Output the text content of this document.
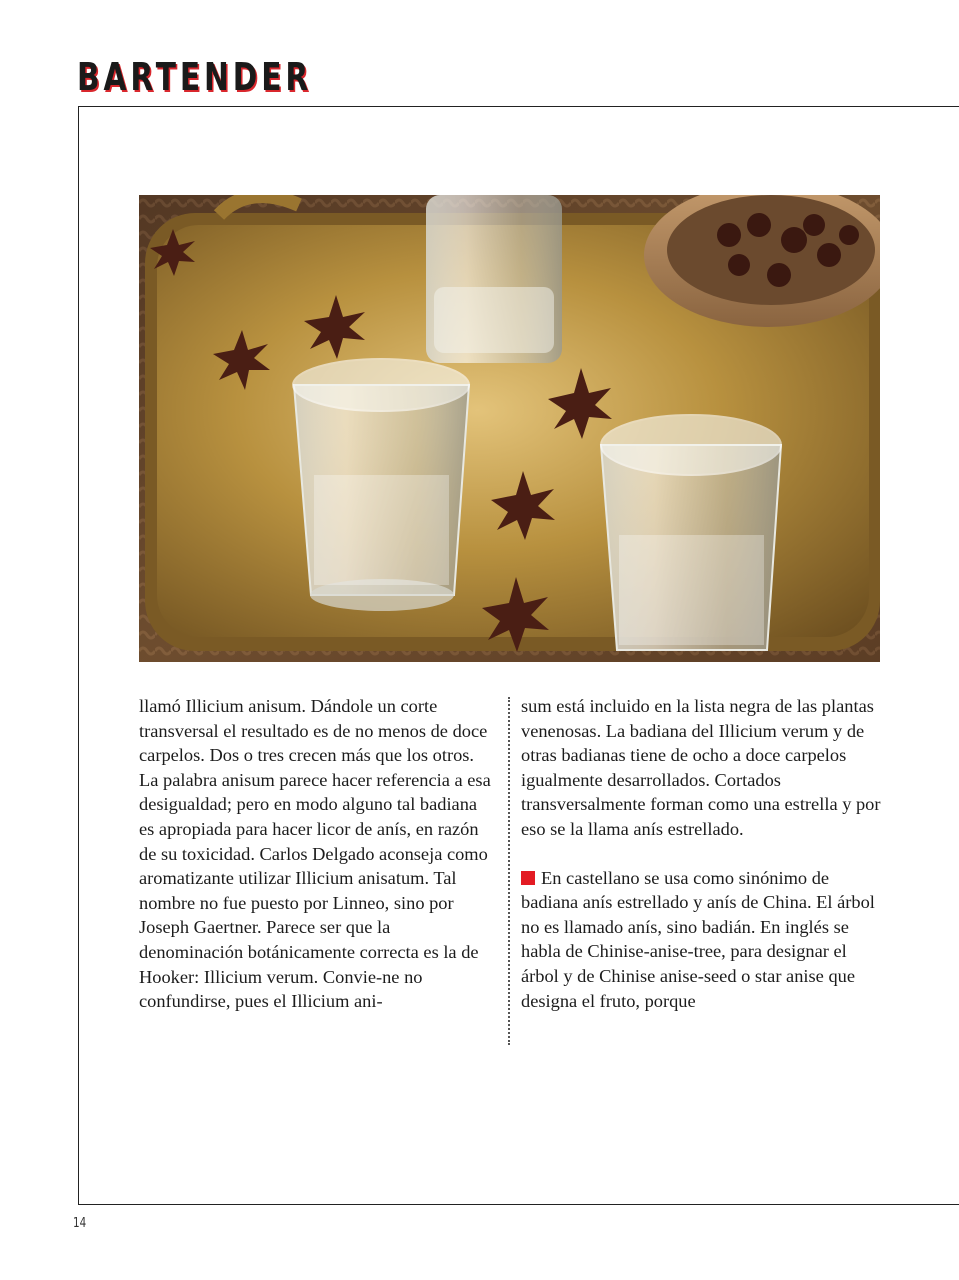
BARTENDER

llamó Illicium anisum. Dándole un corte transversal el resultado es de no menos de doce carpelos. Dos o tres crecen más que los otros. La palabra anisum parece hacer referencia a esa desigualdad; pero en modo alguno tal badiana es apropiada para hacer licor de anís, en razón de su toxicidad. Carlos Delgado aconseja como aromatizante utilizar Illicium anisatum. Tal nombre no fue puesto por Linneo, sino por Joseph Gaertner. Parece ser que la denominación botánicamente correcta es la de Hooker: Illicium verum. Convie-ne no confundirse, pues el Illicium ani-

sum está incluido en la lista negra de las plantas venenosas. La badiana del Illicium verum y de otras badianas tiene de ocho a doce carpelos igualmente desarrollados. Cortados transversalmente forman como una estrella y por eso se la llama anís estrellado.

En castellano se usa como sinónimo de badiana anís estrellado y anís de China. El árbol no es llamado anís, sino badián. En inglés se habla de Chinise-anise-tree, para designar el árbol y de Chinise anise-seed o star anise que designa el fruto, porque

14
